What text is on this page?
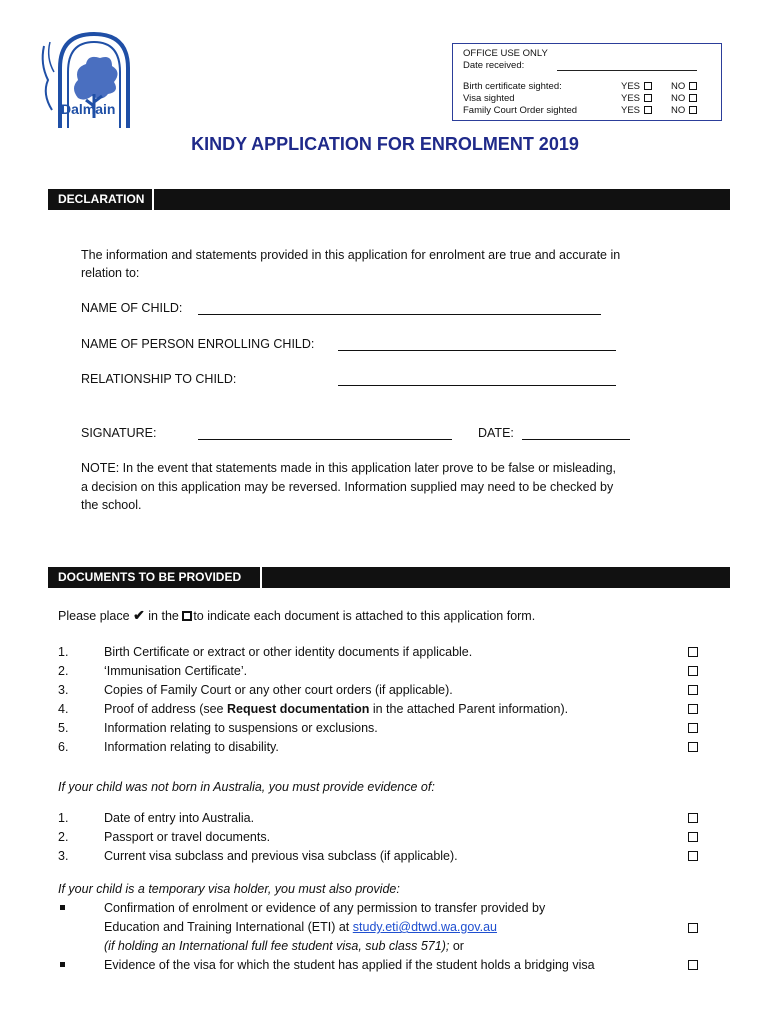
Dalmain
OFFICE USE ONLY
Date received:
Birth certificate sighted:	YES	NO
Visa sighted	YES	NO
Family Court Order sighted	YES	NO
KINDY APPLICATION FOR ENROLMENT 2019
DECLARATION
The information and statements provided in this application for enrolment are true and accurate in
relation to:
NAME OF CHILD:
NAME OF PERSON ENROLLING CHILD:
RELATIONSHIP TO CHILD:
SIGNATURE:	DATE:
NOTE: In the event that statements made in this application later prove to be false or misleading,
a decision on this application may be reversed. Information supplied may need to be checked by
the school.
DOCUMENTS TO BE PROVIDED
Please place ✔ in the to indicate each document is attached to this application form.
1.	Birth Certificate or extract or other identity documents if applicable.
2.	‘Immunisation Certificate’.
3.	Copies of Family Court or any other court orders (if applicable).
4.	Proof of address (see Request documentation in the attached Parent information).
5.	Information relating to suspensions or exclusions.
6.	Information relating to disability.
If your child was not born in Australia, you must provide evidence of:
1.	Date of entry into Australia.
2.	Passport or travel documents.
3.	Current visa subclass and previous visa subclass (if applicable).
If your child is a temporary visa holder, you must also provide:
Confirmation of enrolment or evidence of any permission to transfer provided by
Education and Training International (ETI) at study.eti@dtwd.wa.gov.au
(if holding an International full fee student visa, sub class 571); or
Evidence of the visa for which the student has applied if the student holds a bridging visa
